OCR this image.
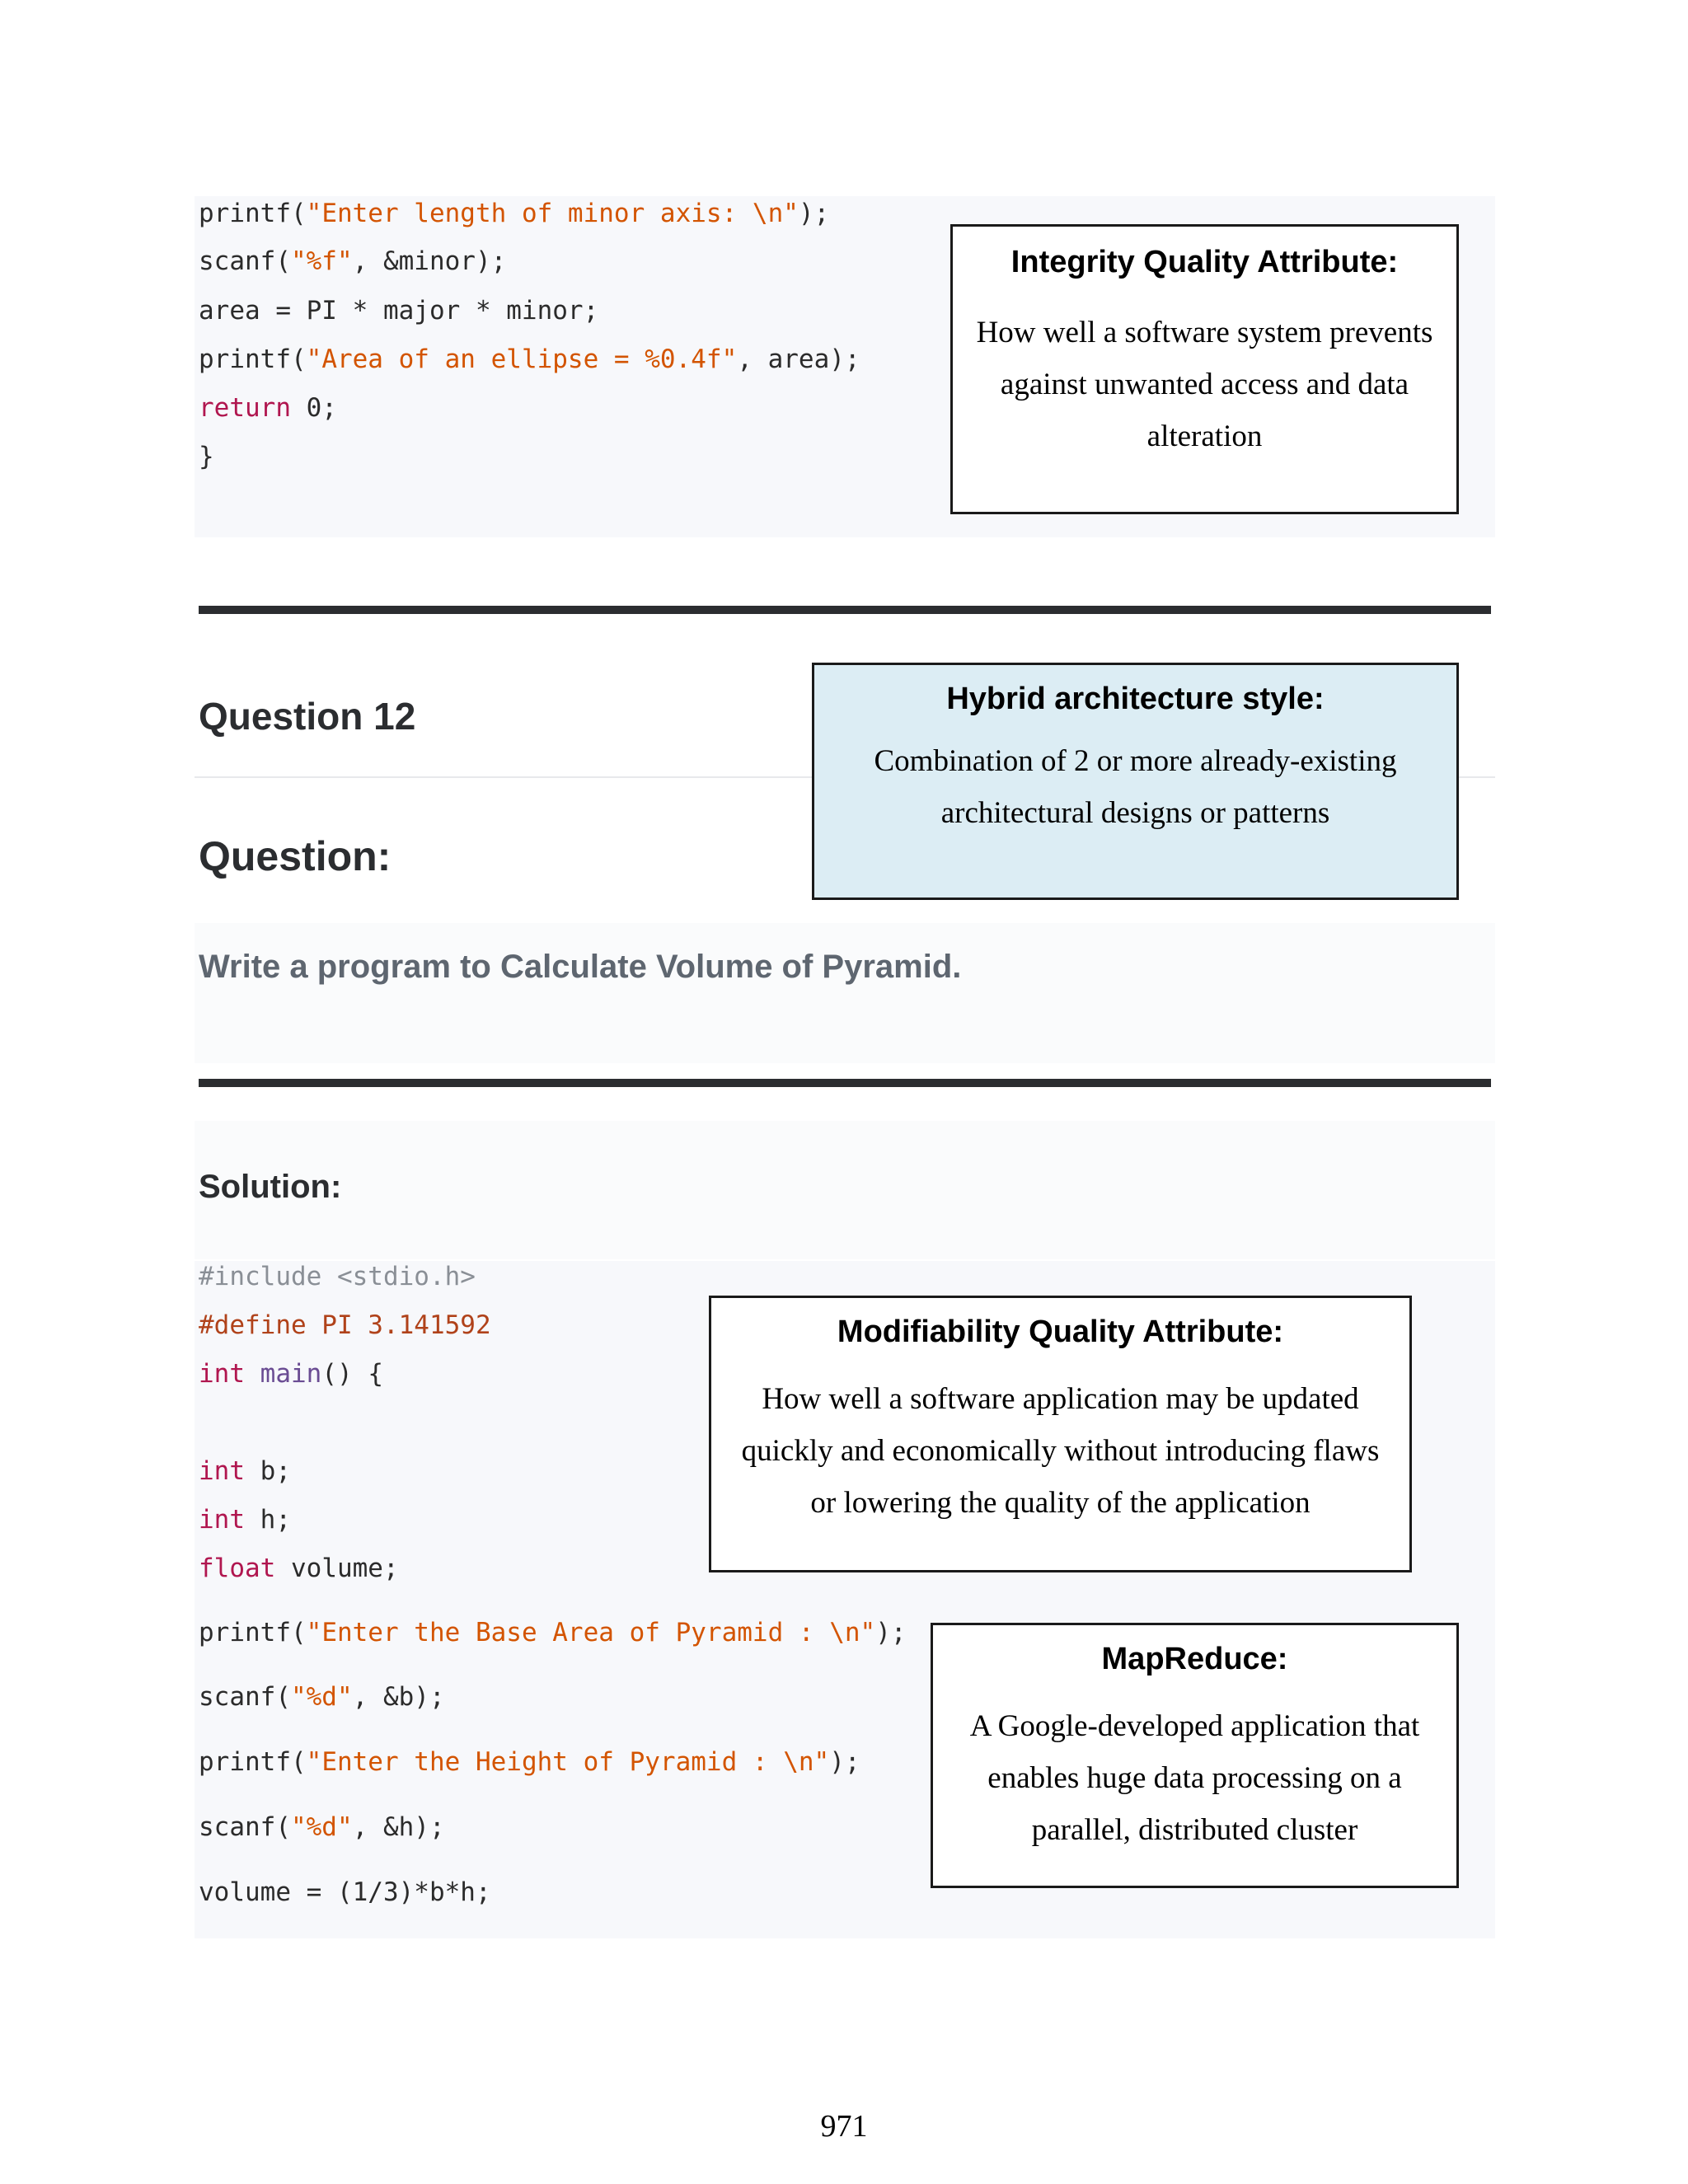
printf("Enter length of minor axis: \n");
scanf("%f", &minor);
area = PI * major * minor;
printf("Area of an ellipse = %0.4f", area);
return 0;
}
Integrity Quality Attribute:
How well a software system prevents
against unwanted access and data
alteration
Question 12	Hybrid architecture style:
Combination of 2 or more already-existing
architectural designs or patterns
Question:
Write a program to Calculate Volume of Pyramid.
Solution:
#include <stdio.h>
#define PI 3.141592
int main() {
int b;
int h;
float volume;
printf("Enter the Base Area of Pyramid : \n");
scanf("%d", &b);
printf("Enter the Height of Pyramid : \n");
scanf("%d", &h);
volume = (1/3)*b*h;
Modifiability Quality Attribute:
How well a software application may be updated
quickly and economically without introducing flaws
or lowering the quality of the application
MapReduce:
A Google-developed application that
enables huge data processing on a
parallel, distributed cluster
971
